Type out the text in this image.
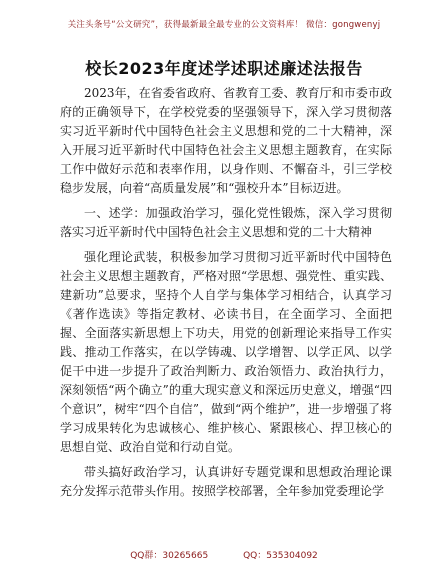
关注头条号“公文研究”，获得最新最全最专业的公文资料库！ 微信：gongwenyj
校长2023年度述学述职述廉述法报告

2023年，在省委省政府、省教育工委、教育厅和市委市政府的正确领导下，在学校党委的坚强领导下，深入学习贯彻落实习近平新时代中国特色社会主义思想和党的二十大精神，深入开展习近平新时代中国特色社会主义思想主题教育，在实际工作中做好示范和表率作用，以身作则、不懈奋斗，引三学校稳步发展，向着“高质量发展”和“强校升本”目标迈进。

一、述学：加强政治学习，强化党性锻炼，深入学习贯彻落实习近平新时代中国特色社会主义思想和党的二十大精神

强化理论武装，积极参加学习贯彻习近平新时代中国特色社会主义思想主题教育，严格对照“学思想、强党性、重实践、建新功”总要求，坚持个人自学与集体学习相结合，认真学习《著作选读》等指定教材、必读书目，在全面学习、全面把握、全面落实新思想上下功夫，用党的创新理论来指导工作实践、推动工作落实，在以学铸魂、以学增智、以学正风、以学促干中进一步提升了政治判断力、政治领悟力、政治执行力，深刻领悟“两个确立”的重大现实意义和深远历史意义，增强“四个意识”，树牢“四个自信”，做到“两个维护”，进一步增强了将学习成果转化为忠诚核心、维护核心、紧跟核心、捍卫核心的思想自觉、政治自觉和行动自觉。

带头搞好政治学习，认真讲好专题党课和思想政治理论课充分发挥示范带头作用。按照学校部署，全年参加党委理论学

QQ群：30265665	QQ：535304092
